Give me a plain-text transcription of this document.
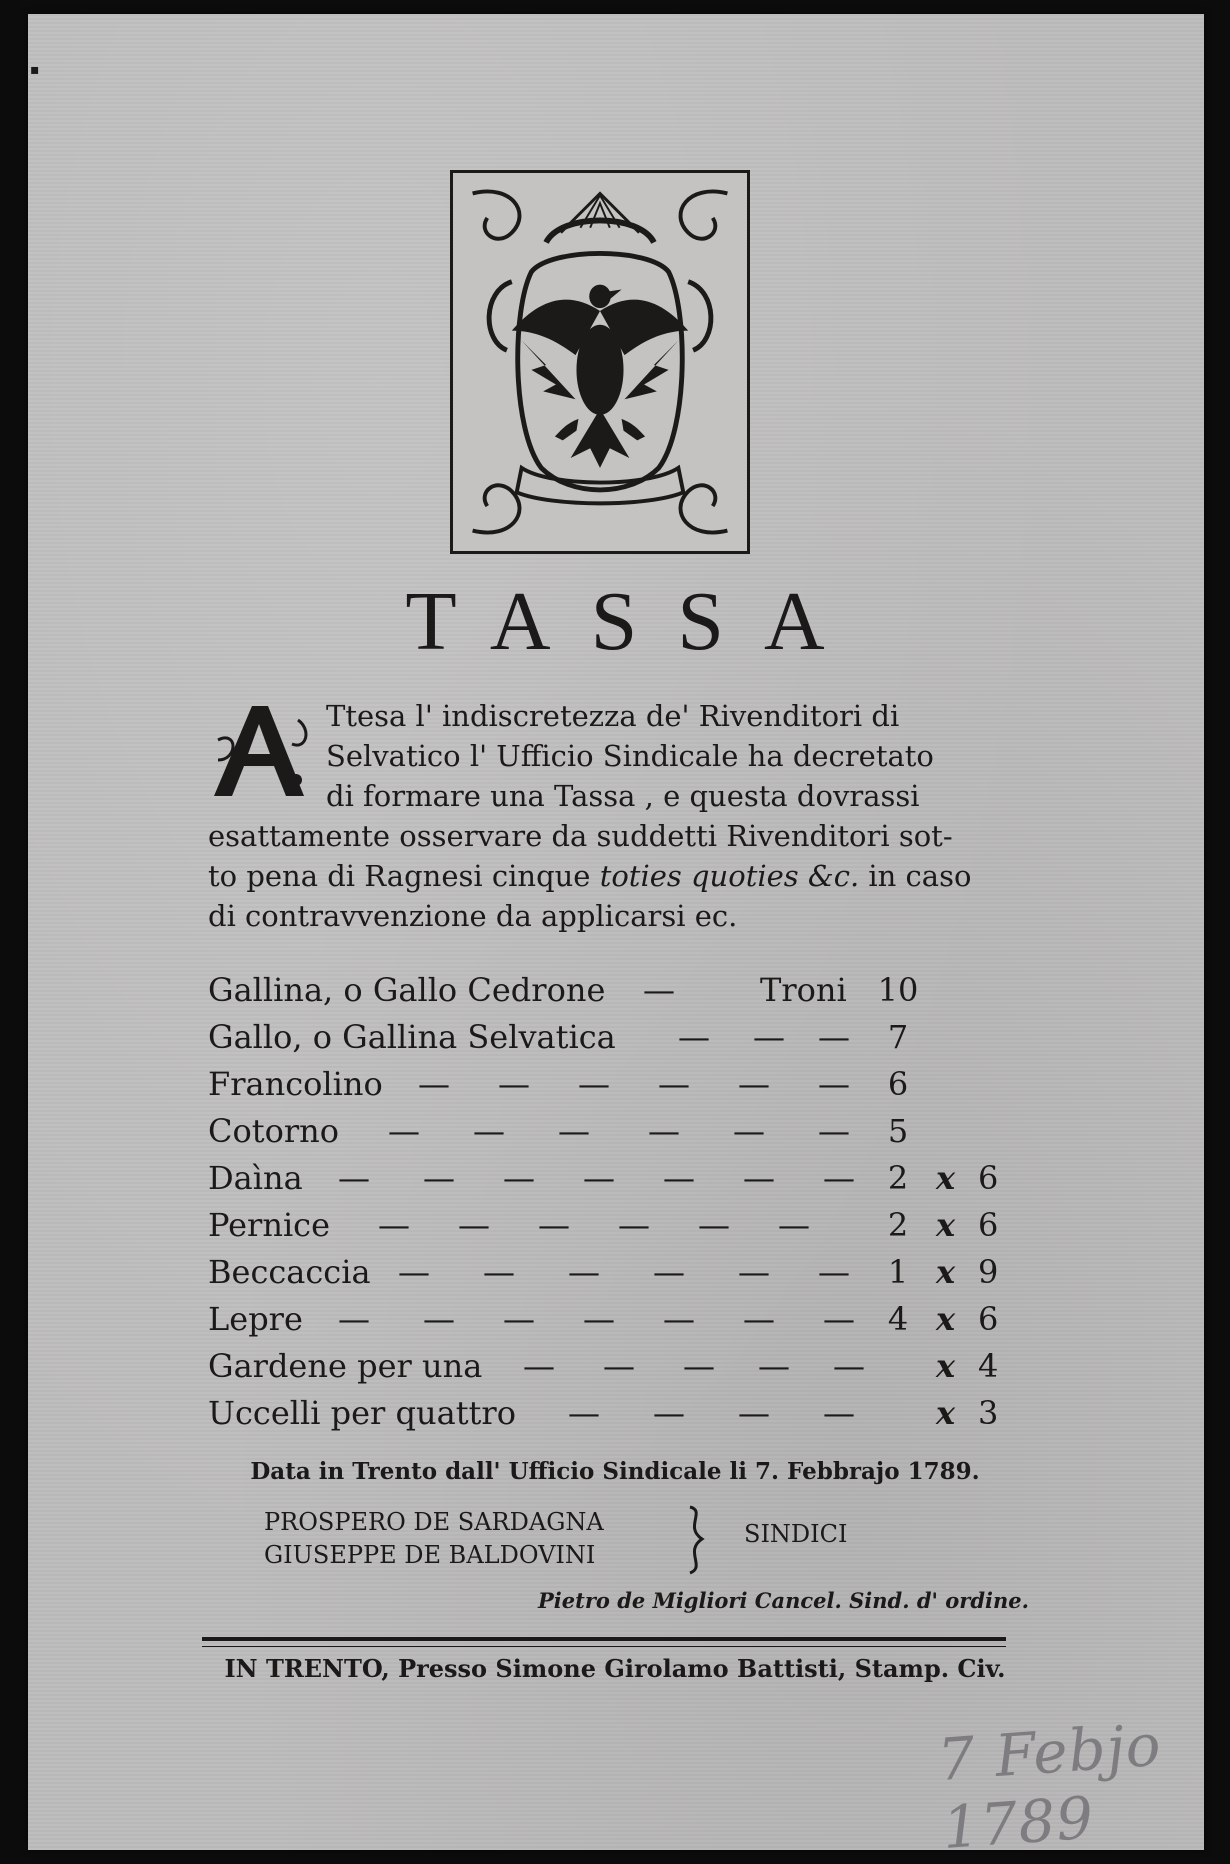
▪
TASSA
Ttesa l' indiscretezza de' Rivenditori di
Selvatico l' Ufficio Sindicale ha decretato
di formare una Tassa , e questa dovrassi
esattamente osservare da suddetti Rivenditori sot-
to pena di Ragnesi cinque toties quoties &c. in caso
di contravvenzione da applicarsi ec.
Gallina, o Gallo Cedrone —	Troni 10
Gallo, o Gallina Selvatica — — —	7
Francolino — — — — — —	6
Cotorno — — — — — —	5
Daìna — — — — — — —	2 x 6
Pernice — — — — — —	2 x 6
Beccaccia — — — — — —	1 x 9
Lepre — — — — — — —	4 x 6
Gardene per una — — — — — x 4
Uccelli per quattro — — — —	x 3
Data in Trento dall' Ufficio Sindicale li 7. Febbrajo 1789.
PROSPERO DE SARDAGNA
GIUSEPPE DE BALDOVINI
SINDICI
Pietro de Migliori Cancel. Sind. d' ordine.
IN TRENTO, Presso Simone Girolamo Battisti, Stamp. Civ.
7 Febjo 1789
